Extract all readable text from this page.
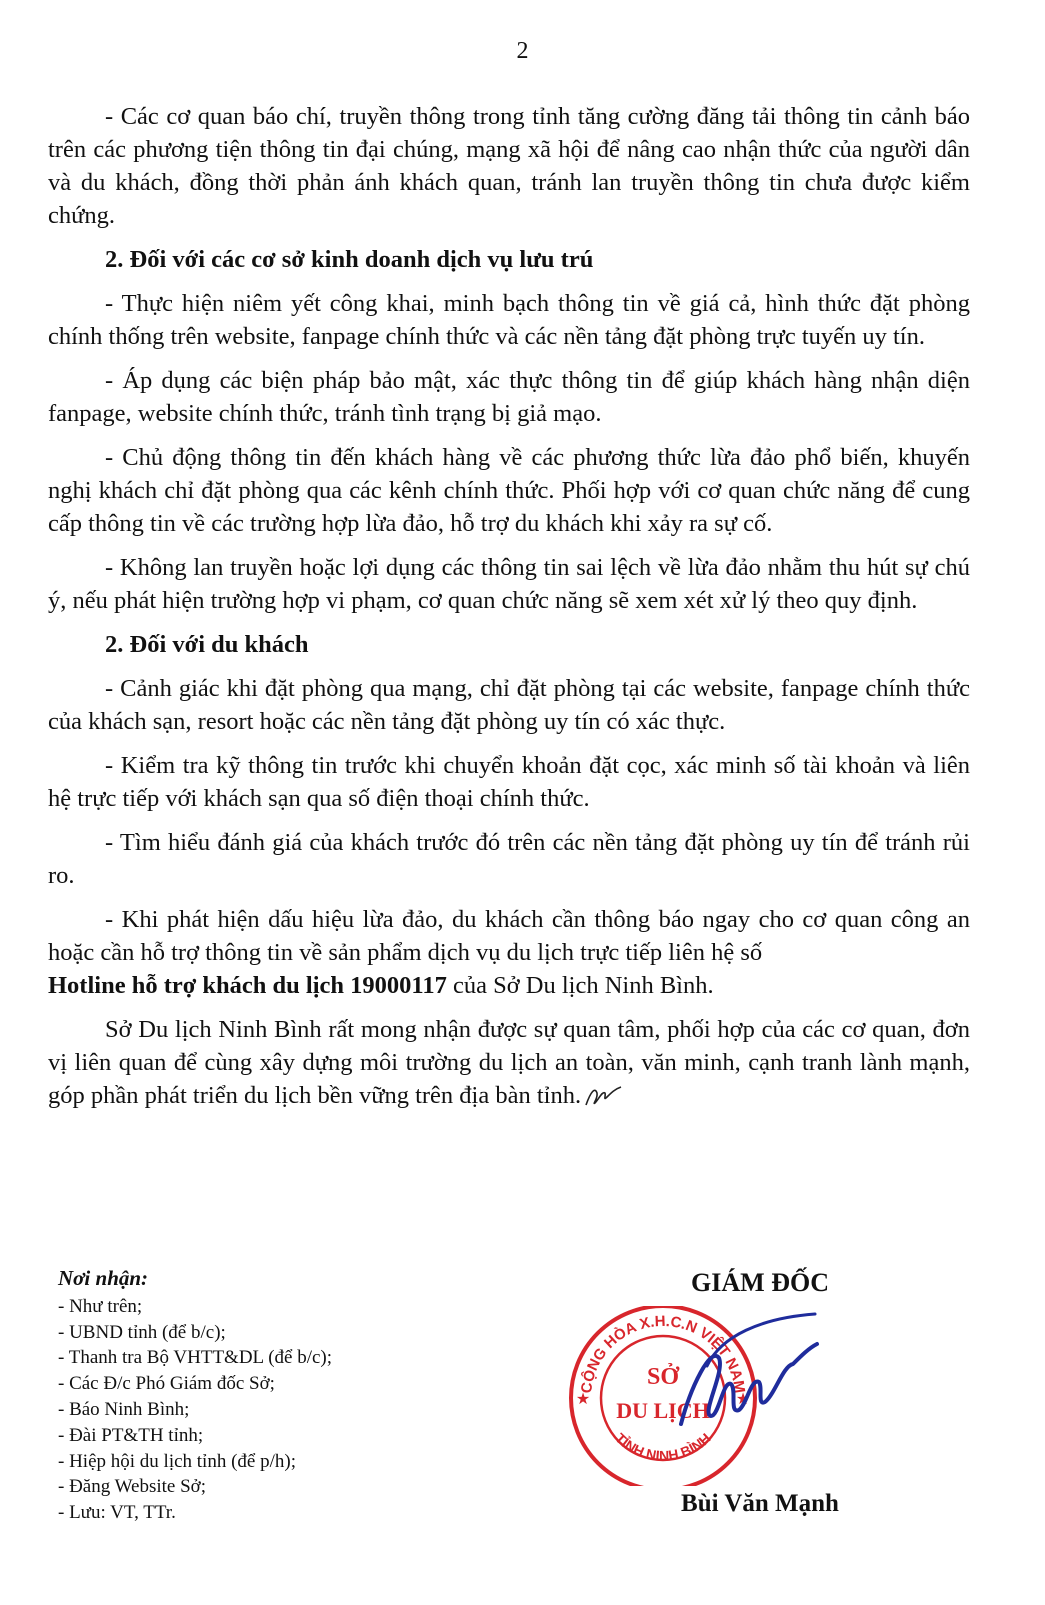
2

- Các cơ quan báo chí, truyền thông trong tỉnh tăng cường đăng tải thông tin cảnh báo trên các phương tiện thông tin đại chúng, mạng xã hội để nâng cao nhận thức của người dân và du khách, đồng thời phản ánh khách quan, tránh lan truyền thông tin chưa được kiểm chứng.

2. Đối với các cơ sở kinh doanh dịch vụ lưu trú

- Thực hiện niêm yết công khai, minh bạch thông tin về giá cả, hình thức đặt phòng chính thống trên website, fanpage chính thức và các nền tảng đặt phòng trực tuyến uy tín.

- Áp dụng các biện pháp bảo mật, xác thực thông tin để giúp khách hàng nhận diện fanpage, website chính thức, tránh tình trạng bị giả mạo.

- Chủ động thông tin đến khách hàng về các phương thức lừa đảo phổ biến, khuyến nghị khách chỉ đặt phòng qua các kênh chính thức. Phối hợp với cơ quan chức năng để cung cấp thông tin về các trường hợp lừa đảo, hỗ trợ du khách khi xảy ra sự cố.

- Không lan truyền hoặc lợi dụng các thông tin sai lệch về lừa đảo nhằm thu hút sự chú ý, nếu phát hiện trường hợp vi phạm, cơ quan chức năng sẽ xem xét xử lý theo quy định.

2. Đối với du khách

- Cảnh giác khi đặt phòng qua mạng, chỉ đặt phòng tại các website, fanpage chính thức của khách sạn, resort hoặc các nền tảng đặt phòng uy tín có xác thực.

- Kiểm tra kỹ thông tin trước khi chuyển khoản đặt cọc, xác minh số tài khoản và liên hệ trực tiếp với khách sạn qua số điện thoại chính thức.

- Tìm hiểu đánh giá của khách trước đó trên các nền tảng đặt phòng uy tín để tránh rủi ro.

- Khi phát hiện dấu hiệu lừa đảo, du khách cần thông báo ngay cho cơ quan công an hoặc cần hỗ trợ thông tin về sản phẩm dịch vụ du lịch trực tiếp liên hệ số
Hotline hỗ trợ khách du lịch 19000117 của Sở Du lịch Ninh Bình.

Sở Du lịch Ninh Bình rất mong nhận được sự quan tâm, phối hợp của các cơ quan, đơn vị liên quan để cùng xây dựng môi trường du lịch an toàn, văn minh, cạnh tranh lành mạnh, góp phần phát triển du lịch bền vững trên địa bàn tỉnh.

Nơi nhận:
- Như trên;
- UBND tỉnh (để b/c);
- Thanh tra Bộ VHTT&DL (để b/c);
- Các Đ/c Phó Giám đốc Sở;
- Báo Ninh Bình;
- Đài PT&TH tỉnh;
- Hiệp hội du lịch tỉnh (để p/h);
- Đăng Website Sở;
- Lưu: VT, TTr.
GIÁM ĐỐC
CỘNG HÒA X.H.C.N VIỆT NAM
TỈNH NINH BÌNH
SỞ
DU LỊCH
★	★
Bùi Văn Mạnh
